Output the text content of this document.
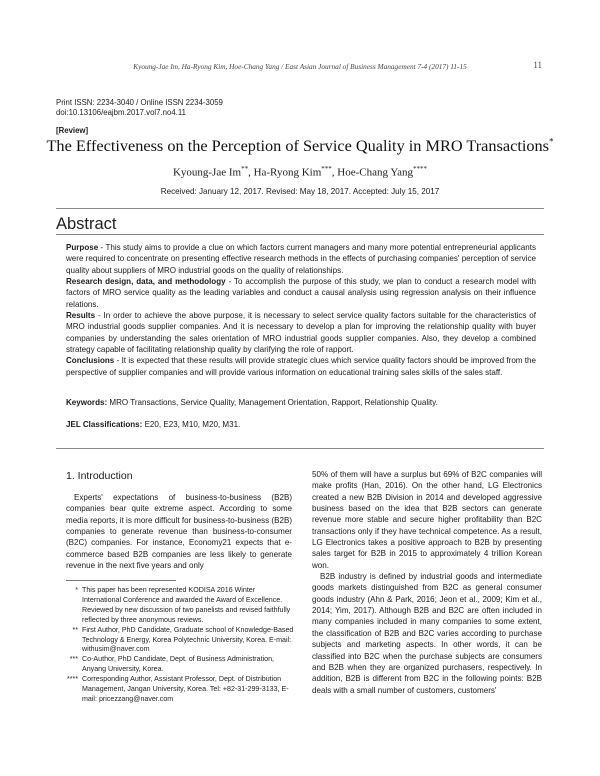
Kyoung-Jae Im, Ha-Ryong Kim, Hoe-Chang Yang / East Asian Journal of Business Management 7-4 (2017) 11-15	11
Print ISSN: 2234-3040 / Online ISSN 2234-3059
doi:10.13106/eajbm.2017.vol7.no4.11
[Review]
The Effectiveness on the Perception of Service Quality in MRO Transactions*
Kyoung-Jae Im**, Ha-Ryong Kim***, Hoe-Chang Yang****
Received: January 12, 2017. Revised: May 18, 2017. Accepted: July 15, 2017
Abstract

Purpose - This study aims to provide a clue on which factors current managers and many more potential entrepreneurial applicants were required to concentrate on presenting effective research methods in the effects of purchasing companies' perception of service quality about suppliers of MRO industrial goods on the quality of relationships.

Research design, data, and methodology - To accomplish the purpose of this study, we plan to conduct a research model with factors of MRO service quality as the leading variables and conduct a causal analysis using regression analysis on their influence relations.

Results - In order to achieve the above purpose, it is necessary to select service quality factors suitable for the characteristics of MRO industrial goods supplier companies. And it is necessary to develop a plan for improving the relationship quality with buyer companies by understanding the sales orientation of MRO industrial goods supplier companies. Also, they develop a combined strategy capable of facilitating relationship quality by clarifying the role of rapport.

Conclusions - It is expected that these results will provide strategic clues which service quality factors should be improved from the perspective of supplier companies and will provide various information on educational training sales skills of the sales staff.

Keywords: MRO Transactions, Service Quality, Management Orientation, Rapport, Relationship Quality.
JEL Classifications: E20, E23, M10, M20, M31.
1. Introduction

Experts' expectations of business-to-business (B2B) companies bear quite extreme aspect. According to some media reports, it is more difficult for business-to-business (B2B) companies to generate revenue than business-to-consumer (B2C) companies. For instance, Economy21 expects that e-commerce based B2B companies are less likely to generate revenue in the next five years and only

50% of them will have a surplus but 69% of B2C companies will make profits (Han, 2016). On the other hand, LG Electronics created a new B2B Division in 2014 and developed aggressive business based on the idea that B2B sectors can generate revenue more stable and secure higher profitability than B2C transactions only if they have technical competence. As a result, LG Electronics takes a positive approach to B2B by presenting sales target for B2B in 2015 to approximately 4 trillion Korean won.

B2B industry is defined by industrial goods and intermediate goods markets distinguished from B2C as general consumer goods industry (Ahn & Park, 2016; Jeon et al., 2009; Kim et al., 2014; Yim, 2017). Although B2B and B2C are often included in many companies included in many companies to some extent, the classification of B2B and B2C varies according to purchase subjects and marketing aspects. In other words, it can be classified into B2C when the purchase subjects are consumers and B2B when they are organized purchasers, respectively. In addition, B2B is different from B2C in the following points: B2B deals with a small number of customers, customers'

* This paper has been represented KODISA 2016 Winter International Conference and awarded the Award of Excellence. Reviewed by new discussion of two panelists and revised faithfully reflected by three anonymous reviews.
** First Author, PhD Candidate, Graduate school of Knowledge-Based Technology & Energy, Korea Polytechnic University, Korea. E-mail: withusim@naver.com
*** Co-Author, PhD Candidate, Dept. of Business Administration, Anyang University, Korea.
**** Corresponding Author, Assistant Professor, Dept. of Distribution Management, Jangan University, Korea. Tel: +82-31-299-3133, E-mail: pricezzang@naver.com
